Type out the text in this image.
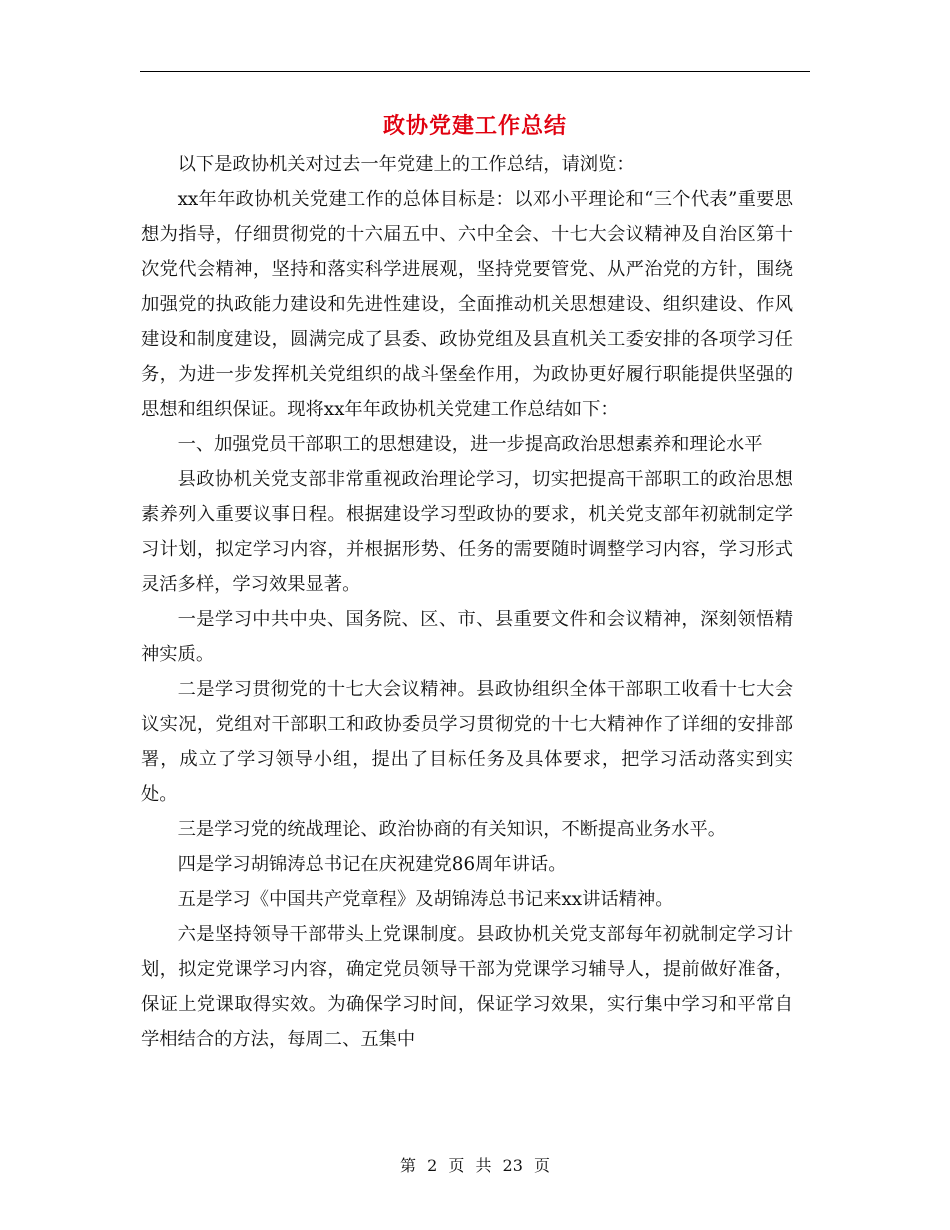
政协党建工作总结

以下是政协机关对过去一年党建上的工作总结，请浏览：

xx年年政协机关党建工作的总体目标是：以邓小平理论和“三个代表”重要思想为指导，仔细贯彻党的十六届五中、六中全会、十七大会议精神及自治区第十次党代会精神，坚持和落实科学进展观，坚持党要管党、从严治党的方针，围绕加强党的执政能力建设和先进性建设，全面推动机关思想建设、组织建设、作风建设和制度建设，圆满完成了县委、政协党组及县直机关工委安排的各项学习任务，为进一步发挥机关党组织的战斗堡垒作用，为政协更好履行职能提供坚强的思想和组织保证。现将xx年年政协机关党建工作总结如下：

一、加强党员干部职工的思想建设，进一步提高政治思想素养和理论水平

县政协机关党支部非常重视政治理论学习，切实把提高干部职工的政治思想素养列入重要议事日程。根据建设学习型政协的要求，机关党支部年初就制定学习计划，拟定学习内容，并根据形势、任务的需要随时调整学习内容，学习形式灵活多样，学习效果显著。

一是学习中共中央、国务院、区、市、县重要文件和会议精神，深刻领悟精神实质。

二是学习贯彻党的十七大会议精神。县政协组织全体干部职工收看十七大会议实况，党组对干部职工和政协委员学习贯彻党的十七大精神作了详细的安排部署，成立了学习领导小组，提出了目标任务及具体要求，把学习活动落实到实处。

三是学习党的统战理论、政治协商的有关知识，不断提高业务水平。

四是学习胡锦涛总书记在庆祝建党86周年讲话。

五是学习《中国共产党章程》及胡锦涛总书记来xx讲话精神。

六是坚持领导干部带头上党课制度。县政协机关党支部每年初就制定学习计划，拟定党课学习内容，确定党员领导干部为党课学习辅导人，提前做好准备，保证上党课取得实效。为确保学习时间，保证学习效果，实行集中学习和平常自学相结合的方法，每周二、五集中

第 2 页 共 23 页
